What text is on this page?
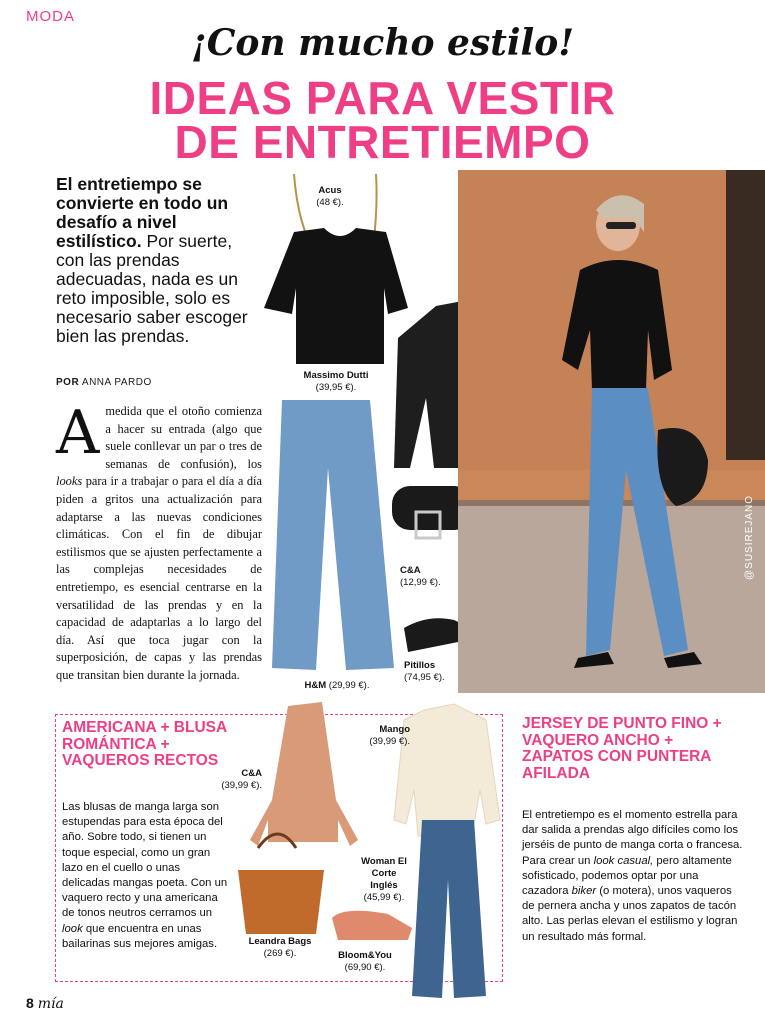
MODA
¡Con mucho estilo!
IDEAS PARA VESTIR
DE ENTRETIEMPO
El entretiempo se convierte en todo un desafío a nivel estilístico. Por suerte, con las prendas adecuadas, nada es un reto imposible, solo es necesario saber escoger bien las prendas.
POR ANNA PARDO
Amedida que el otoño comienza a hacer su entrada (algo que suele conllevar un par o tres de semanas de confusión), los looks para ir a trabajar o para el día a día piden a gritos una actualización para adaptarse a las nuevas condiciones climáticas. Con el fin de dibujar estilismos que se ajusten perfectamente a las complejas necesidades de entretiempo, es esencial centrarse en la versatilidad de las prendas y en la capacidad de adaptarlas a lo largo del día. Así que toca jugar con la superposición, de capas y las prendas que transitan bien durante la jornada.
Acus
(48 €).
Massimo Dutti
(39,95 €).
C&A
(12,99 €).
Pitillos
(74,95 €).
H&M (29,99 €).
@SUSIREJANO
AMERICANA + BLUSA ROMÁNTICA + VAQUEROS RECTOS
Las blusas de manga larga son estupendas para esta época del año. Sobre todo, si tienen un toque especial, como un gran lazo en el cuello o unas delicadas mangas poeta. Con un vaquero recto y una americana de tonos neutros cerramos un look que encuentra en unas bailarinas sus mejores amigas.
C&A
(39,99 €).
Mango
(39,99 €).
Woman El Corte Inglés
(45,99 €).
Leandra Bags
(269 €).	Bloom&You
(69,90 €).
JERSEY DE PUNTO FINO + VAQUERO ANCHO + ZAPATOS CON PUNTERA AFILADA
El entretiempo es el momento estrella para dar salida a prendas algo difíciles como los jerséis de punto de manga corta o francesa. Para crear un look casual, pero altamente sofisticado, podemos optar por una cazadora biker (o motera), unos vaqueros de pernera ancha y unos zapatos de tacón alto. Las perlas elevan el estilismo y logran un resultado más formal.
8 mía
